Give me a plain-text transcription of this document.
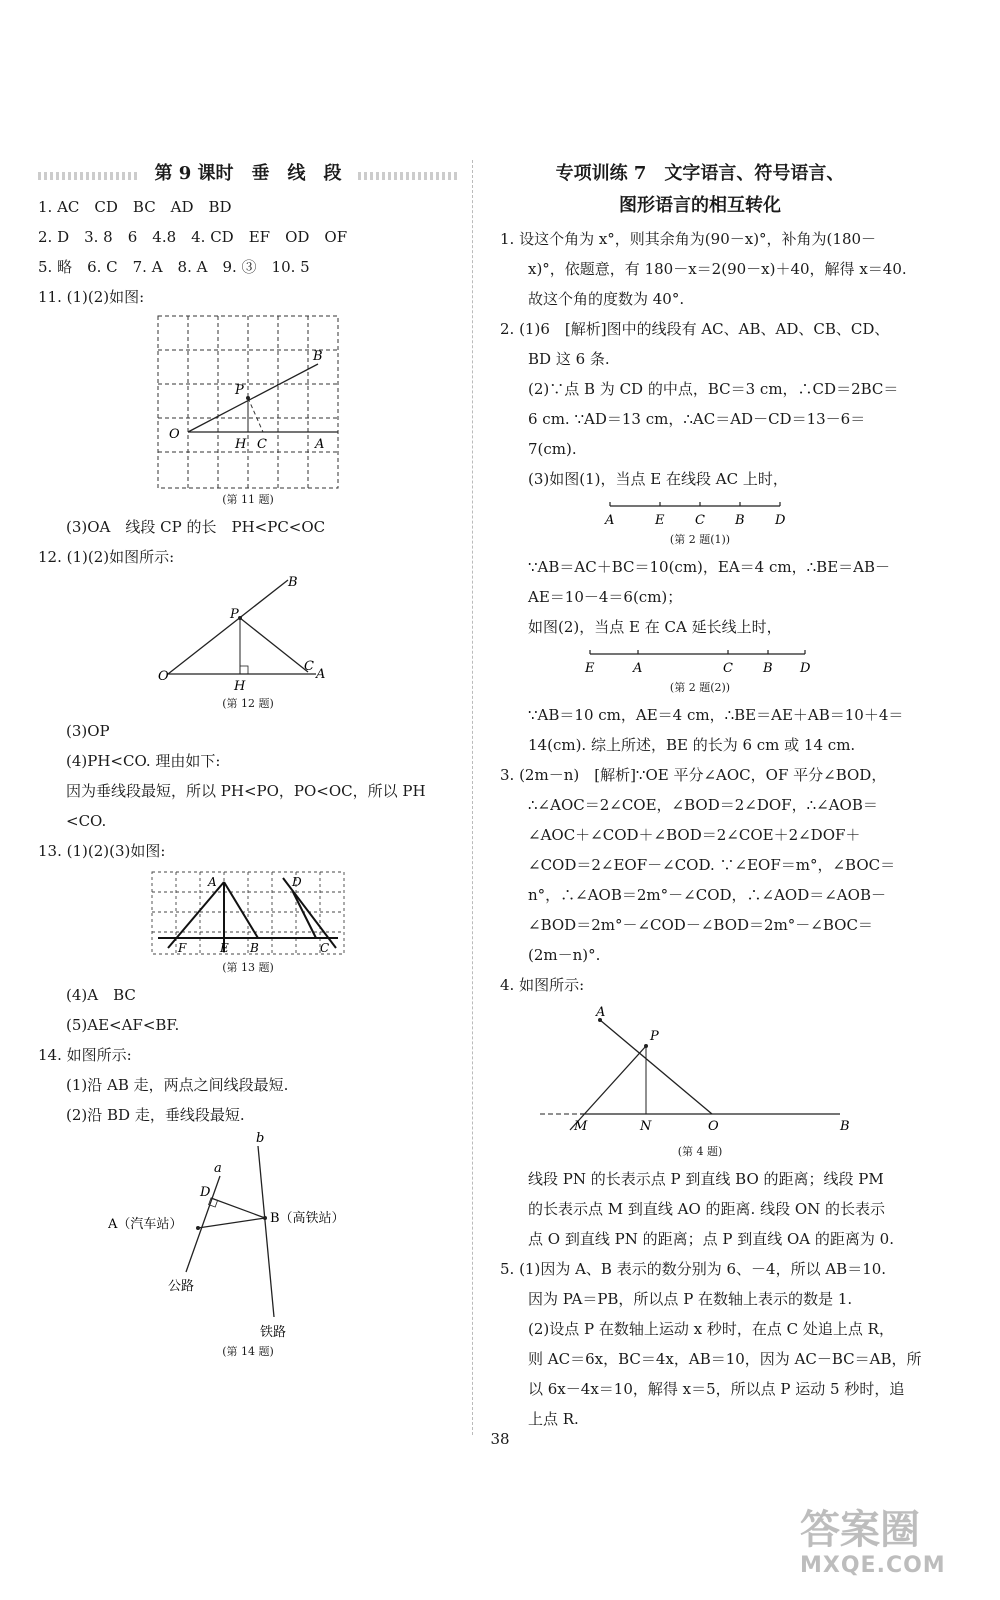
第 9 课时　垂　线　段
1. AC　CD　BC　AD　BD
2. D　3. 8　6　4.8　4. CD　EF　OD　OF
5. 略　6. C　7. A　8. A　9. ③　10. 5
11. (1)(2)如图:
B
P
O
H C	A
(第 11 题)
(3)OA　线段 CP 的长　PH<PC<OC
12. (1)(2)如图所示:
B
P
O
H
C
A
(第 12 题)
(3)OP
(4)PH<CO. 理由如下:
因为垂线段最短，所以 PH<PO，PO<OC，所以 PH
<CO.
13. (1)(2)(3)如图:
A	D
F	E B	C
(第 13 题)
(4)A　BC
(5)AE<AF<BF.
14. 如图所示:
(1)沿 AB 走，两点之间线段最短.
(2)沿 BD 走，垂线段最短.
b
a
D
A（汽车站）	B（高铁站）
公路
铁路
(第 14 题)
专项训练 7　文字语言、符号语言、
图形语言的相互转化
1. 设这个角为 x°，则其余角为(90－x)°，补角为(180－
x)°，依题意，有 180－x＝2(90－x)＋40，解得 x＝40.
故这个角的度数为 40°.
2. (1)6　[解析]图中的线段有 AC、AB、AD、CB、CD、
BD 这 6 条.
(2)∵点 B 为 CD 的中点，BC＝3 cm，∴CD＝2BC＝
6 cm. ∵AD＝13 cm，∴AC＝AD－CD＝13－6＝
7(cm).
(3)如图(1)，当点 E 在线段 AC 上时，
A	E C B D
(第 2 题(1))
∵AB＝AC＋BC＝10(cm)，EA＝4 cm，∴BE＝AB－
AE＝10－4＝6(cm)；
如图(2)，当点 E 在 CA 延长线上时，
E	A	C B D
(第 2 题(2))
∵AB＝10 cm，AE＝4 cm，∴BE＝AE＋AB＝10＋4＝
14(cm). 综上所述，BE 的长为 6 cm 或 14 cm.
3. (2m－n)　[解析]∵OE 平分∠AOC，OF 平分∠BOD，
∴∠AOC＝2∠COE，∠BOD＝2∠DOF，∴∠AOB＝
∠AOC＋∠COD＋∠BOD＝2∠COE＋2∠DOF＋
∠COD＝2∠EOF－∠COD. ∵∠EOF＝m°，∠BOC＝
n°，∴∠AOB＝2m°－∠COD，∴∠AOD＝∠AOB－
∠BOD＝2m°－∠COD－∠BOD＝2m°－∠BOC＝
(2m－n)°.
4. 如图所示:
A
P
M	N	O	B
(第 4 题)
线段 PN 的长表示点 P 到直线 BO 的距离；线段 PM
的长表示点 M 到直线 AO 的距离. 线段 ON 的长表示
点 O 到直线 PN 的距离；点 P 到直线 OA 的距离为 0.
5. (1)因为 A、B 表示的数分别为 6、－4，所以 AB＝10.
因为 PA＝PB，所以点 P 在数轴上表示的数是 1.
(2)设点 P 在数轴上运动 x 秒时，在点 C 处追上点 R，
则 AC＝6x，BC＝4x，AB＝10，因为 AC－BC＝AB，所
以 6x－4x＝10，解得 x＝5，所以点 P 运动 5 秒时，追
上点 R.
38
答案圈
MXQE.COM
